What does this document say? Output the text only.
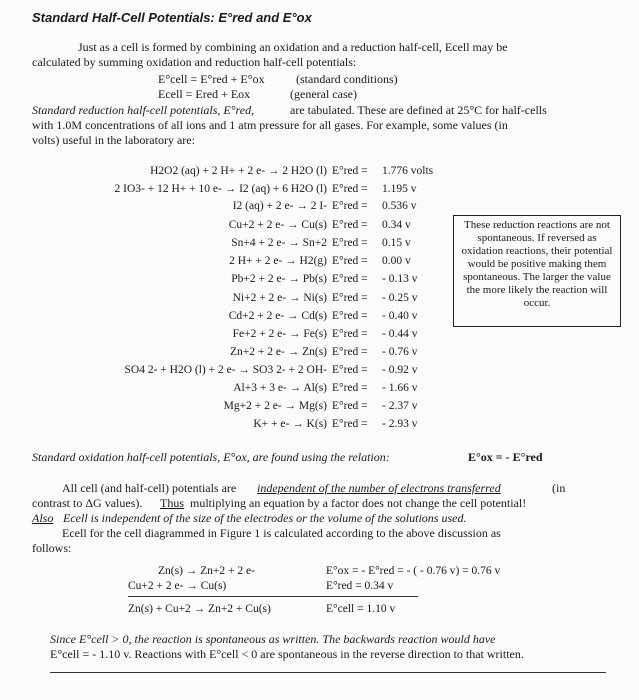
Standard Half-Cell Potentials: E°red and E°ox
Just as a cell is formed by combining an oxidation and a reduction half-cell, Ecell may be
calculated by summing oxidation and reduction half-cell potentials:
E°cell = E°red + E°ox	(standard conditions)
Ecell = Ered + Eox	(general case)
Standard reduction half-cell potentials, E°red,	are tabulated. These are defined at 25°C for half-cells
with 1.0M concentrations of all ions and 1 atm pressure for all gases. For example, some values (in
volts) useful in the laboratory are:
H2O2 (aq) + 2 H+ + 2 e- → 2 H2O (l) E°red = 1.776 volts
2 IO3- + 12 H+ + 10 e- → I2 (aq) + 6 H2O (l) E°red = 1.195 v
I2 (aq) + 2 e- → 2 I- E°red = 0.536 v
Cu+2 + 2 e- → Cu(s) E°red = 0.34 v
Sn+4 + 2 e- → Sn+2 E°red = 0.15 v
2 H+ + 2 e- → H2(g) E°red = 0.00 v
Pb+2 + 2 e- → Pb(s) E°red = - 0.13 v
Ni+2 + 2 e- → Ni(s) E°red = - 0.25 v
Cd+2 + 2 e- → Cd(s) E°red = - 0.40 v
Fe+2 + 2 e- → Fe(s) E°red = - 0.44 v
Zn+2 + 2 e- → Zn(s) E°red = - 0.76 v
SO4 2- + H2O (l) + 2 e- → SO3 2- + 2 OH- E°red = - 0.92 v
Al+3 + 3 e- → Al(s) E°red = - 1.66 v
Mg+2 + 2 e- → Mg(s) E°red = - 2.37 v
K+ + e- → K(s) E°red = - 2.93 v
These reduction reactions are not spontaneous. If reversed as oxidation reactions, their potential would be positive making them spontaneous. The larger the value the more likely the reaction will occur.
Standard oxidation half-cell potentials, E°ox, are found using the relation:	E°ox = - E°red
All cell (and half-cell) potentials are independent of the number of electrons transferred	(in
contrast to ΔG values). Thus multiplying an equation by a factor does not change the cell potential!
Also Ecell is independent of the size of the electrodes or the volume of the solutions used.
Ecell for the cell diagrammed in Figure 1 is calculated according to the above discussion as
follows:
Zn(s) → Zn+2 + 2 e-	E°ox = - E°red = - ( - 0.76 v) = 0.76 v
Cu+2 + 2 e- → Cu(s)	E°red = 0.34 v
Zn(s) + Cu+2 → Zn+2 + Cu(s)	E°cell = 1.10 v
Since E°cell > 0, the reaction is spontaneous as written. The backwards reaction would have
E°cell = - 1.10 v. Reactions with E°cell < 0 are spontaneous in the reverse direction to that written.
